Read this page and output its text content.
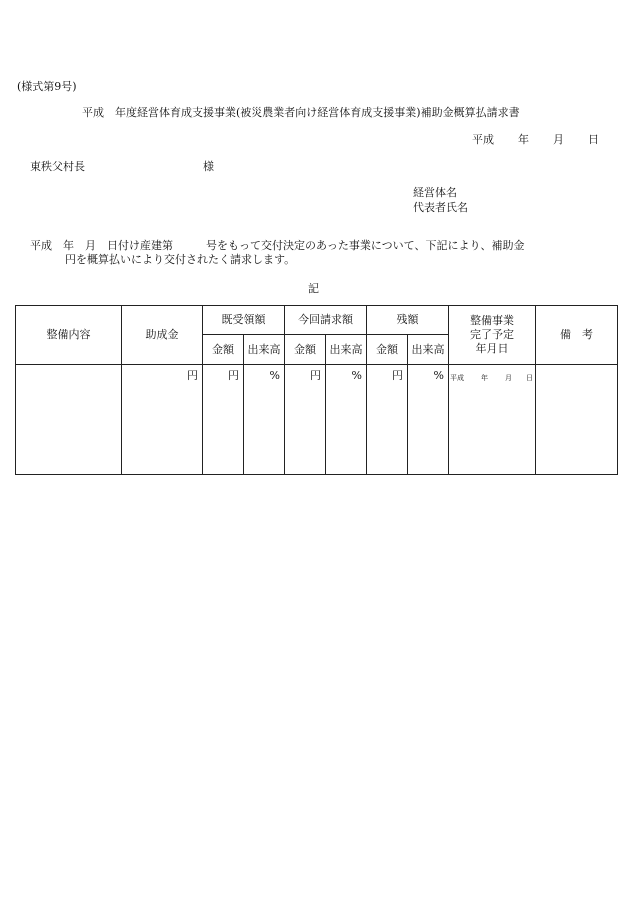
(様式第9号)
平成　年度経営体育成支援事業(被災農業者向け経営体育成支援事業)補助金概算払請求書
平成 年 月 日
東秩父村長	様
経営体名
代表者氏名
平成　年　月　日付け産建第　　　号をもって交付決定のあった事業について、下記により、補助金
円を概算払いにより交付されたく請求します。
記
整備内容	助成金	既受領額		今回請求額		残額		整備事業
完了予定
年月日	備　考
		金額	出来高	金額	出来高	金額	出来高		
	円	円	%	円	%	円	%	平成 年 月 日	
